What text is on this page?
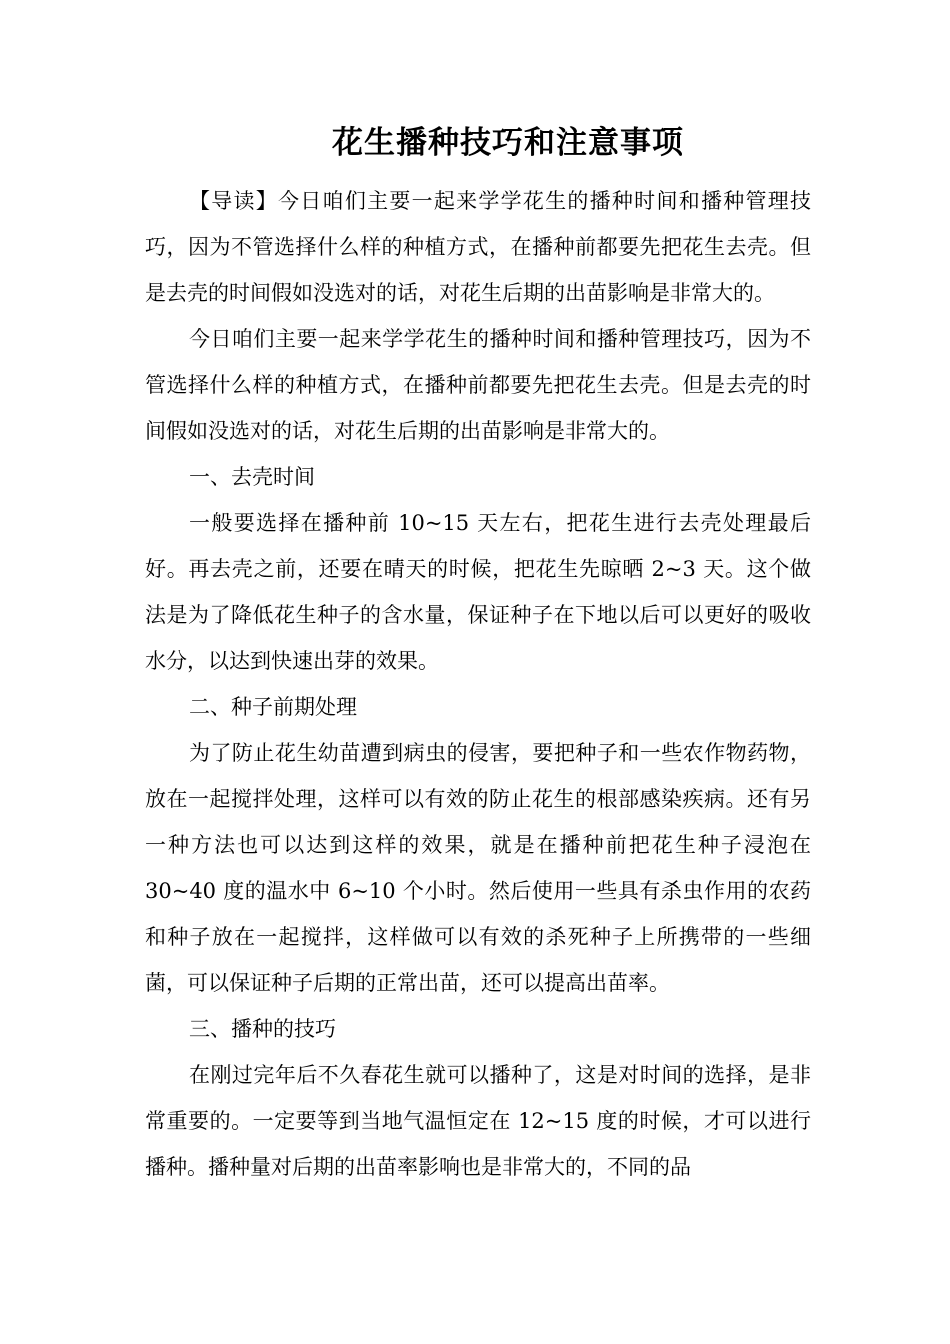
花生播种技巧和注意事项

【导读】今日咱们主要一起来学学花生的播种时间和播种管理技巧，因为不管选择什么样的种植方式，在播种前都要先把花生去壳。但是去壳的时间假如没选对的话，对花生后期的出苗影响是非常大的。

今日咱们主要一起来学学花生的播种时间和播种管理技巧，因为不管选择什么样的种植方式，在播种前都要先把花生去壳。但是去壳的时间假如没选对的话，对花生后期的出苗影响是非常大的。

一、去壳时间

一般要选择在播种前 10~15 天左右，把花生进行去壳处理最后好。再去壳之前，还要在晴天的时候，把花生先晾晒 2~3 天。这个做法是为了降低花生种子的含水量，保证种子在下地以后可以更好的吸收水分，以达到快速出芽的效果。

二、种子前期处理

为了防止花生幼苗遭到病虫的侵害，要把种子和一些农作物药物，放在一起搅拌处理，这样可以有效的防止花生的根部感染疾病。还有另一种方法也可以达到这样的效果，就是在播种前把花生种子浸泡在 30~40 度的温水中 6~10 个小时。然后使用一些具有杀虫作用的农药和种子放在一起搅拌，这样做可以有效的杀死种子上所携带的一些细菌，可以保证种子后期的正常出苗，还可以提高出苗率。

三、播种的技巧

在刚过完年后不久春花生就可以播种了，这是对时间的选择，是非常重要的。一定要等到当地气温恒定在 12~15 度的时候，才可以进行播种。播种量对后期的出苗率影响也是非常大的，不同的品
